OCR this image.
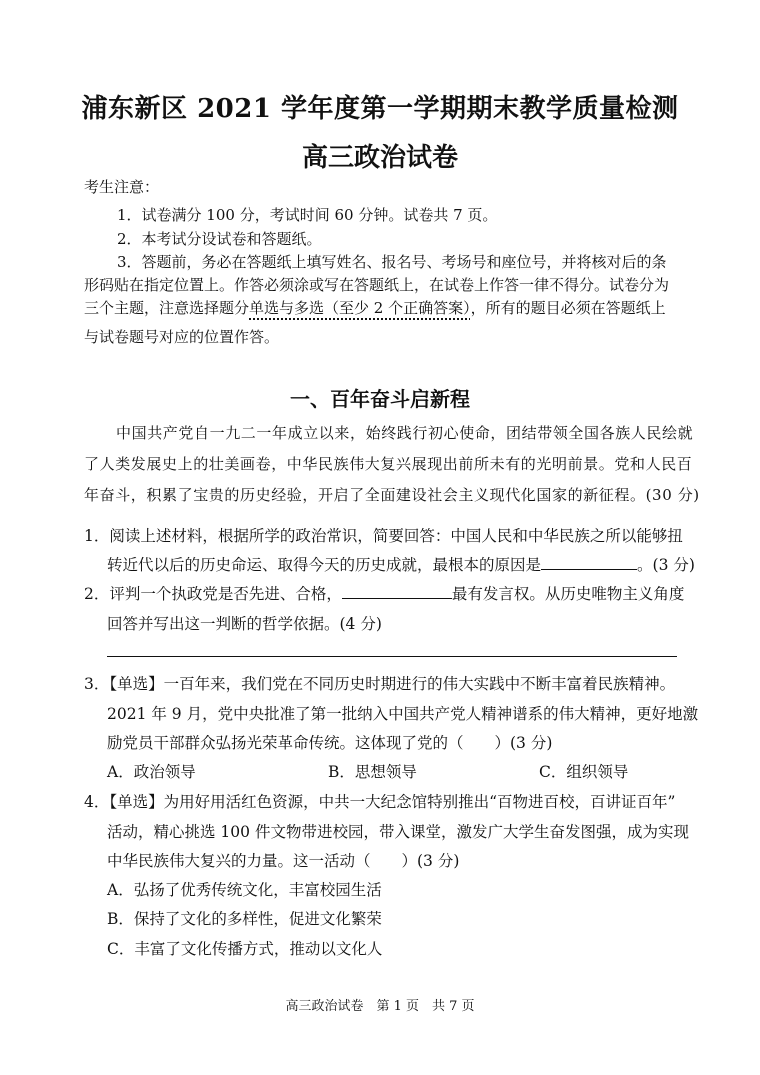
浦东新区 2021 学年度第一学期期末教学质量检测
高三政治试卷
考生注意：
1．试卷满分 100 分，考试时间 60 分钟。试卷共 7 页。
2．本考试分设试卷和答题纸。
3．答题前，务必在答题纸上填写姓名、报名号、考场号和座位号，并将核对后的条
形码贴在指定位置上。作答必须涂或写在答题纸上，在试卷上作答一律不得分。试卷分为
三个主题，注意选择题分单选与多选（至少 2 个正确答案），所有的题目必须在答题纸上
与试卷题号对应的位置作答。
一、百年奋斗启新程
中国共产党自一九二一年成立以来，始终践行初心使命，团结带领全国各族人民绘就
了人类发展史上的壮美画卷，中华民族伟大复兴展现出前所未有的光明前景。党和人民百
年奋斗，积累了宝贵的历史经验，开启了全面建设社会主义现代化国家的新征程。(30 分)
1．阅读上述材料，根据所学的政治常识，简要回答：中国人民和中华民族之所以能够扭
转近代以后的历史命运、取得今天的历史成就，最根本的原因是	。(3 分)
2．评判一个执政党是否先进、合格，	最有发言权。从历史唯物主义角度
回答并写出这一判断的哲学依据。(4 分)
3．【单选】一百年来，我们党在不同历史时期进行的伟大实践中不断丰富着民族精神。
2021 年 9 月，党中央批准了第一批纳入中国共产党人精神谱系的伟大精神，更好地激
励党员干部群众弘扬光荣革命传统。这体现了党的（　　）(3 分)
A．政治领导	B．思想领导	C．组织领导
4．【单选】为用好用活红色资源，中共一大纪念馆特别推出“百物进百校，百讲证百年”
活动，精心挑选 100 件文物带进校园，带入课堂，激发广大学生奋发图强，成为实现
中华民族伟大复兴的力量。这一活动（　　）(3 分)
A．弘扬了优秀传统文化，丰富校园生活
B．保持了文化的多样性，促进文化繁荣
C．丰富了文化传播方式，推动以文化人
高三政治试卷　第 1 页　共 7 页
